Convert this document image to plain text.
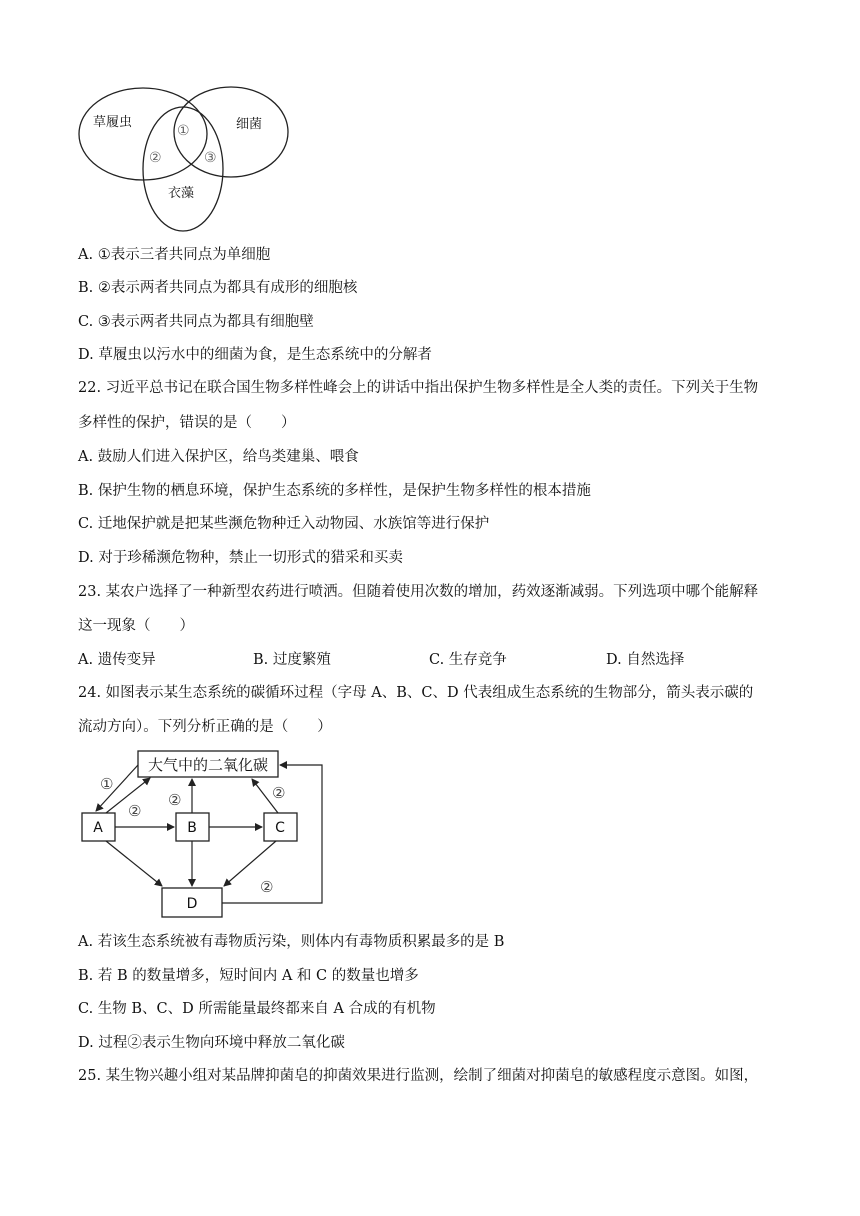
草履虫	细菌
衣藻
①
②	③
A. ①表示三者共同点为单细胞
B. ②表示两者共同点为都具有成形的细胞核
C. ③表示两者共同点为都具有细胞壁
D. 草履虫以污水中的细菌为食，是生态系统中的分解者
22. 习近平总书记在联合国生物多样性峰会上的讲话中指出保护生物多样性是全人类的责任。下列关于生物
多样性的保护，错误的是（　　）
A. 鼓励人们进入保护区，给鸟类建巢、喂食
B. 保护生物的栖息环境，保护生态系统的多样性，是保护生物多样性的根本措施
C. 迁地保护就是把某些濒危物种迁入动物园、水族馆等进行保护
D. 对于珍稀濒危物种，禁止一切形式的猎采和买卖
23. 某农户选择了一种新型农药进行喷洒。但随着使用次数的增加，药效逐渐减弱。下列选项中哪个能解释
这一现象（　　）
A. 遗传变异	B. 过度繁殖	C. 生存竞争	D. 自然选择
24. 如图表示某生态系统的碳循环过程（字母 A、B、C、D 代表组成生态系统的生物部分，箭头表示碳的
流动方向）。下列分析正确的是（　　）
大气中的二氧化碳
A	B	C
D
①
②
②	②
②
A. 若该生态系统被有毒物质污染，则体内有毒物质积累最多的是 B
B. 若 B 的数量增多，短时间内 A 和 C 的数量也增多
C. 生物 B、C、D 所需能量最终都来自 A 合成的有机物
D. 过程②表示生物向环境中释放二氧化碳
25. 某生物兴趣小组对某品牌抑菌皂的抑菌效果进行监测，绘制了细菌对抑菌皂的敏感程度示意图。如图，
